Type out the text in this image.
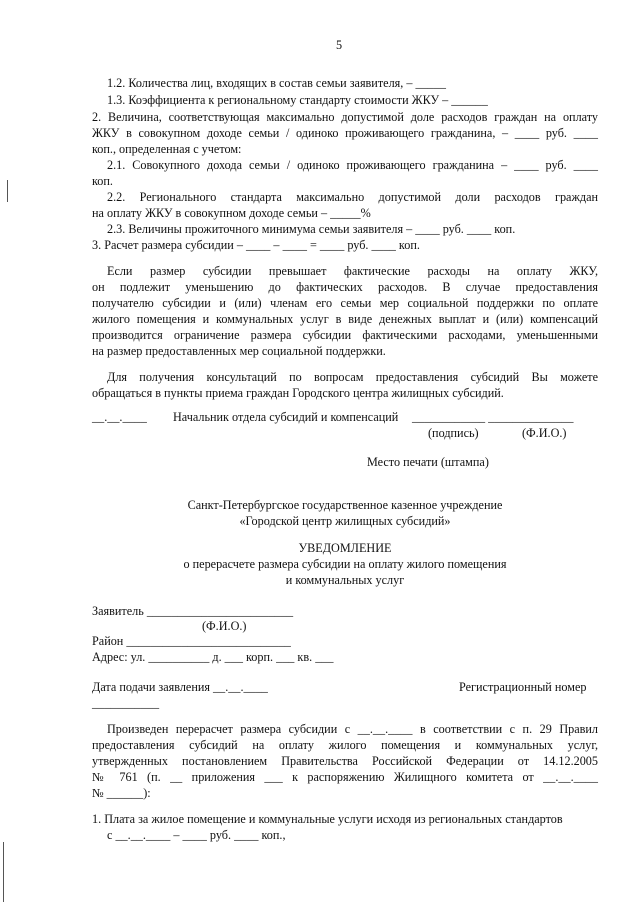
5
1.2. Количества лиц, входящих в состав семьи заявителя, – _____
1.3. Коэффициента к региональному стандарту стоимости ЖКУ – ______
2. Величина, соответствующая максимально допустимой доле расходов граждан на оплату
ЖКУ в совокупном доходе семьи / одиноко проживающего гражданина, – ____ руб. ____
коп., определенная с учетом:
2.1. Совокупного дохода семьи / одиноко проживающего гражданина – ____ руб. ____
коп.
2.2. Регионального стандарта максимально допустимой доли расходов граждан
на оплату ЖКУ в совокупном доходе семьи – _____%
2.3. Величины прожиточного минимума семьи заявителя – ____ руб. ____ коп.
3. Расчет размера субсидии – ____ – ____ = ____ руб. ____ коп.
Если размер субсидии превышает фактические расходы на оплату ЖКУ,
он подлежит уменьшению до фактических расходов. В случае предоставления
получателю субсидии и (или) членам его семьи мер социальной поддержки по оплате
жилого помещения и коммунальных услуг в виде денежных выплат и (или) компенсаций
производится ограничение размера субсидии фактическими расходами, уменьшенными
на размер предоставленных мер социальной поддержки.
Для получения консультаций по вопросам предоставления субсидий Вы можете
обращаться в пункты приема граждан Городского центра жилищных субсидий.
__.__.____ Начальник отдела субсидий и компенсаций ____________ ______________
(подпись)	(Ф.И.О.)
Место печати (штампа)
Санкт-Петербургское государственное казенное учреждение
«Городской центр жилищных субсидий»
УВЕДОМЛЕНИЕ
о перерасчете размера субсидии на оплату жилого помещения
и коммунальных услуг
Заявитель ________________________
(Ф.И.О.)
Район ___________________________
Адрес: ул. __________ д. ___ корп. ___ кв. ___
Дата подачи заявления __.__.____	Регистрационный номер
___________
Произведен перерасчет размера субсидии с __.__.____ в соответствии с п. 29 Правил
предоставления субсидий на оплату жилого помещения и коммунальных услуг,
утвержденных постановлением Правительства Российской Федерации от 14.12.2005
№ 761 (п. __ приложения ___ к распоряжению Жилищного комитета от __.__.____
№ ______):
1. Плата за жилое помещение и коммунальные услуги исходя из региональных стандартов
с __.__.____ – ____ руб. ____ коп.,
